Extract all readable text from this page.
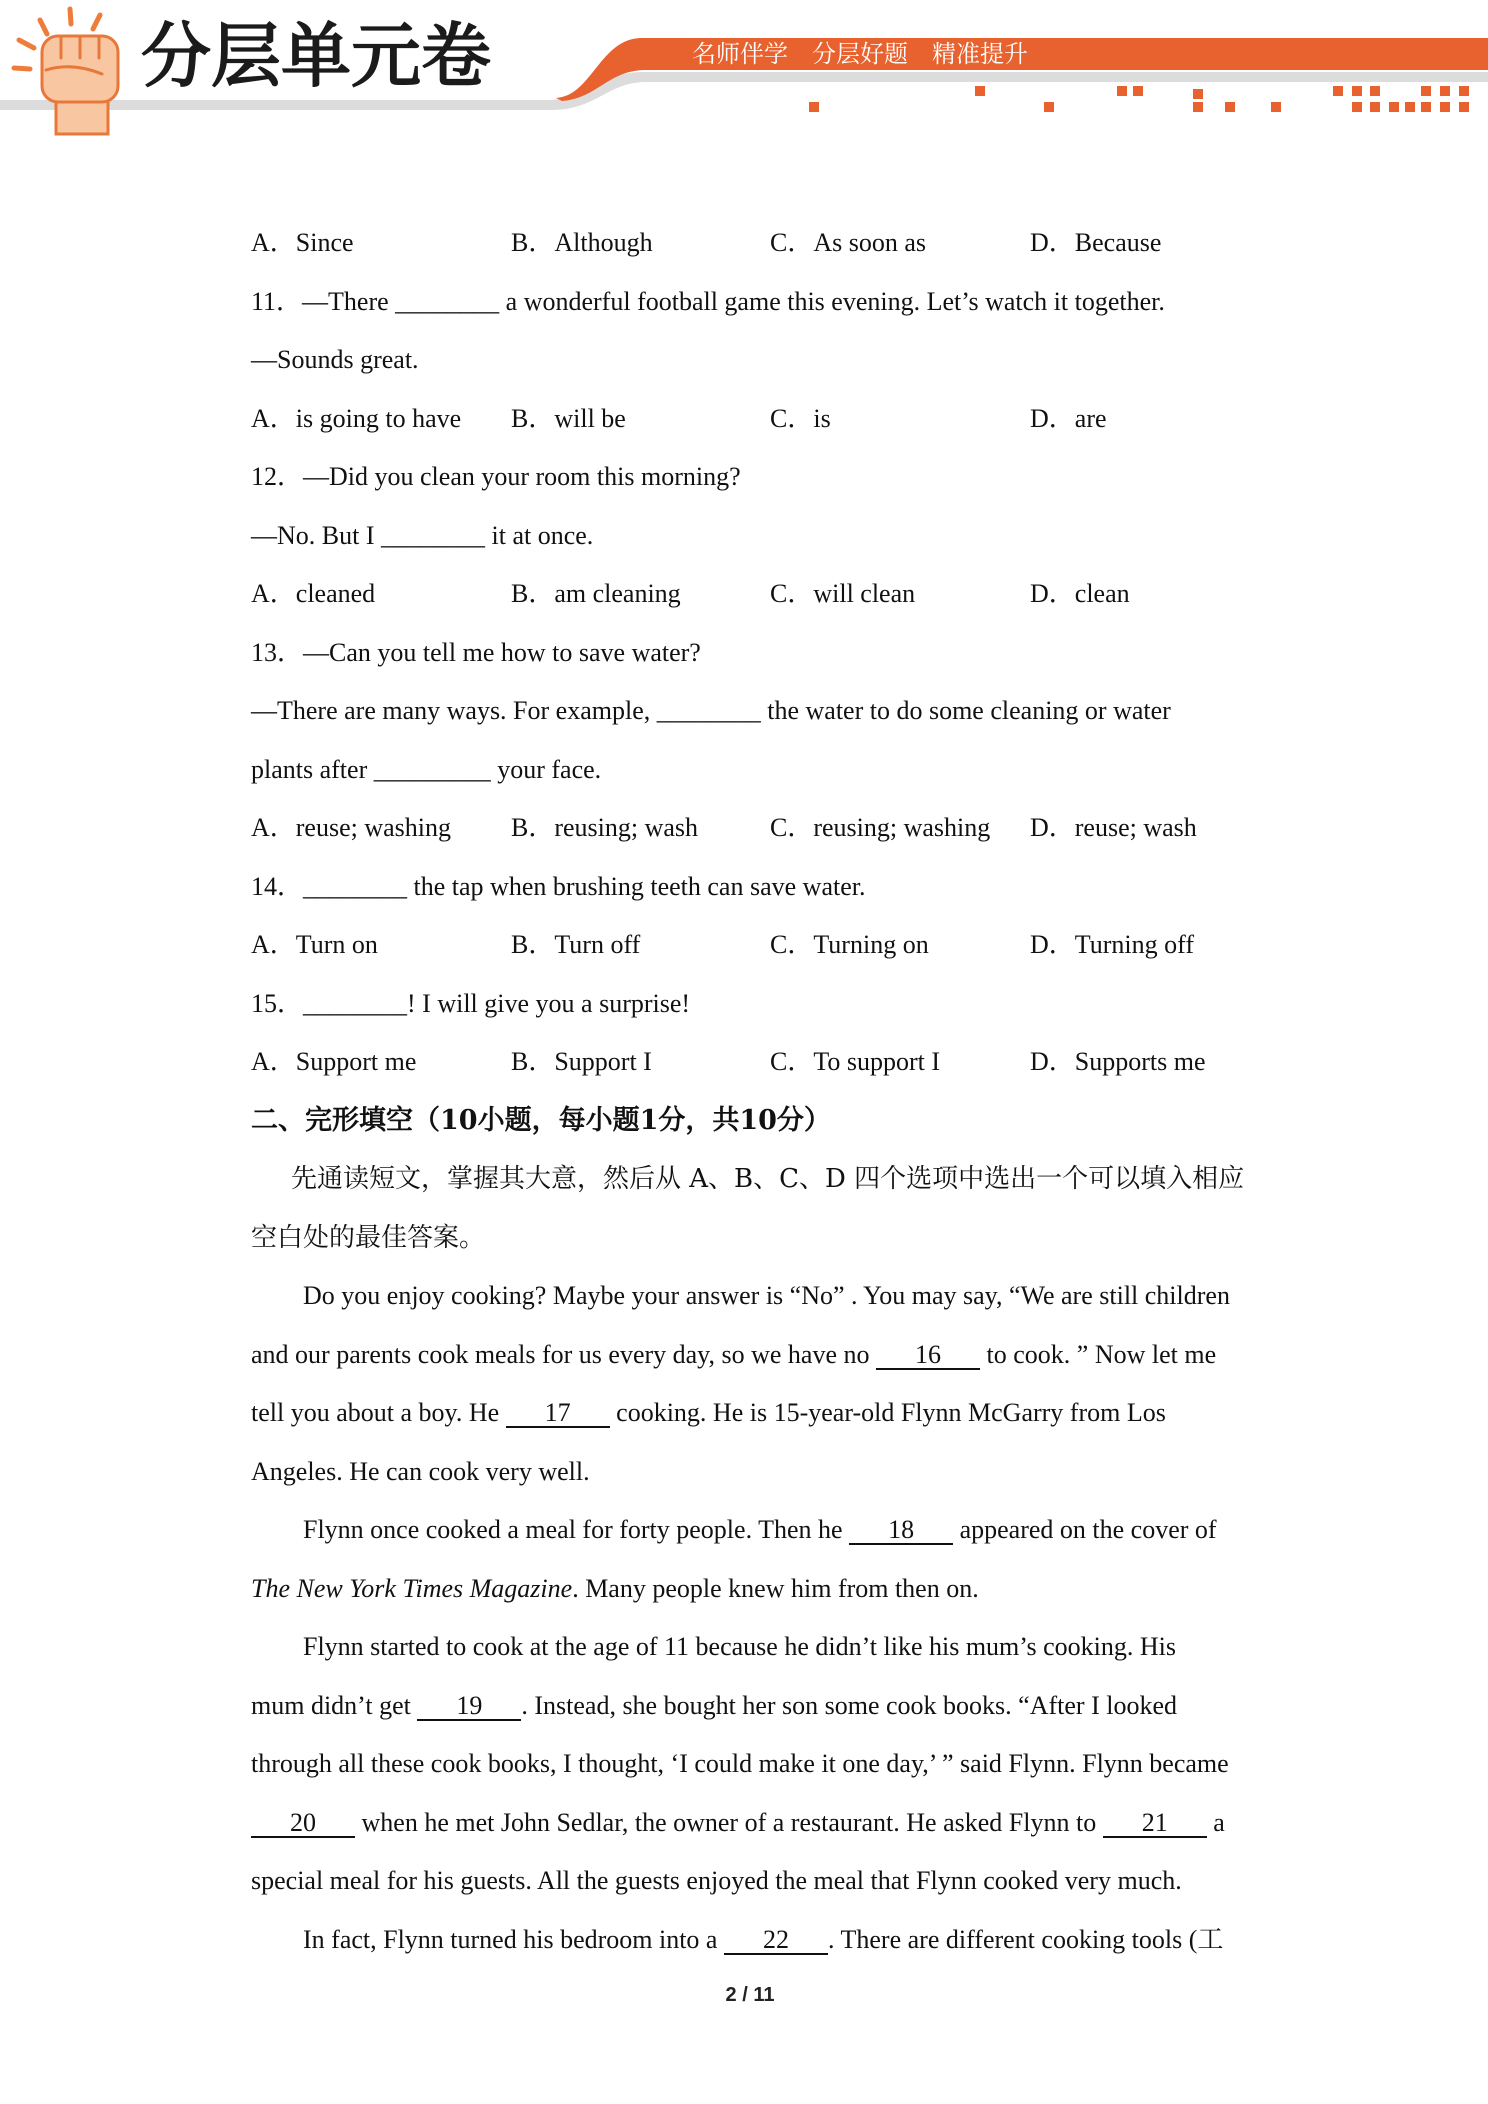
分层单元卷	名师伴学　分层好题　精准提升
A．Since	B．Although	C．As soon as	D．Because
11．—There ________ a wonderful football game this evening. Let’s watch it together.
—Sounds great.
A．is going to have	B．will be	C．is	D．are
12．—Did you clean your room this morning?
—No. But I ________ it at once.
A．cleaned	B．am cleaning	C．will clean	D．clean
13．—Can you tell me how to save water?
—There are many ways. For example, ________ the water to do some cleaning or water
plants after _________ your face.
A．reuse; washing	B．reusing; wash	C．reusing; washing	D．reuse; wash
14．________ the tap when brushing teeth can save water.
A．Turn on	B．Turn off	C．Turning on	D．Turning off
15．________! I will give you a surprise!
A．Support me	B．Support I	C．To support I	D．Supports me
二、完形填空（10小题，每小题1分，共10分）
先通读短文，掌握其大意，然后从 A、B、C、D 四个选项中选出一个可以填入相应
空白处的最佳答案。
Do you enjoy cooking? Maybe your answer is “No” . You may say, “We are still children
and our parents cook meals for us every day, so we have no 16 to cook. ” Now let me
tell you about a boy. He 17 cooking. He is 15-year-old Flynn McGarry from Los
Angeles. He can cook very well.
Flynn once cooked a meal for forty people. Then he 18 appeared on the cover of
The New York Times Magazine. Many people knew him from then on.
Flynn started to cook at the age of 11 because he didn’t like his mum’s cooking. His
mum didn’t get 19 . Instead, she bought her son some cook books. “After I looked
through all these cook books, I thought, ‘I could make it one day,’ ” said Flynn. Flynn became
20 when he met John Sedlar, the owner of a restaurant. He asked Flynn to 21 a
special meal for his guests. All the guests enjoyed the meal that Flynn cooked very much.
In fact, Flynn turned his bedroom into a 22 . There are different cooking tools (工
2 / 11
